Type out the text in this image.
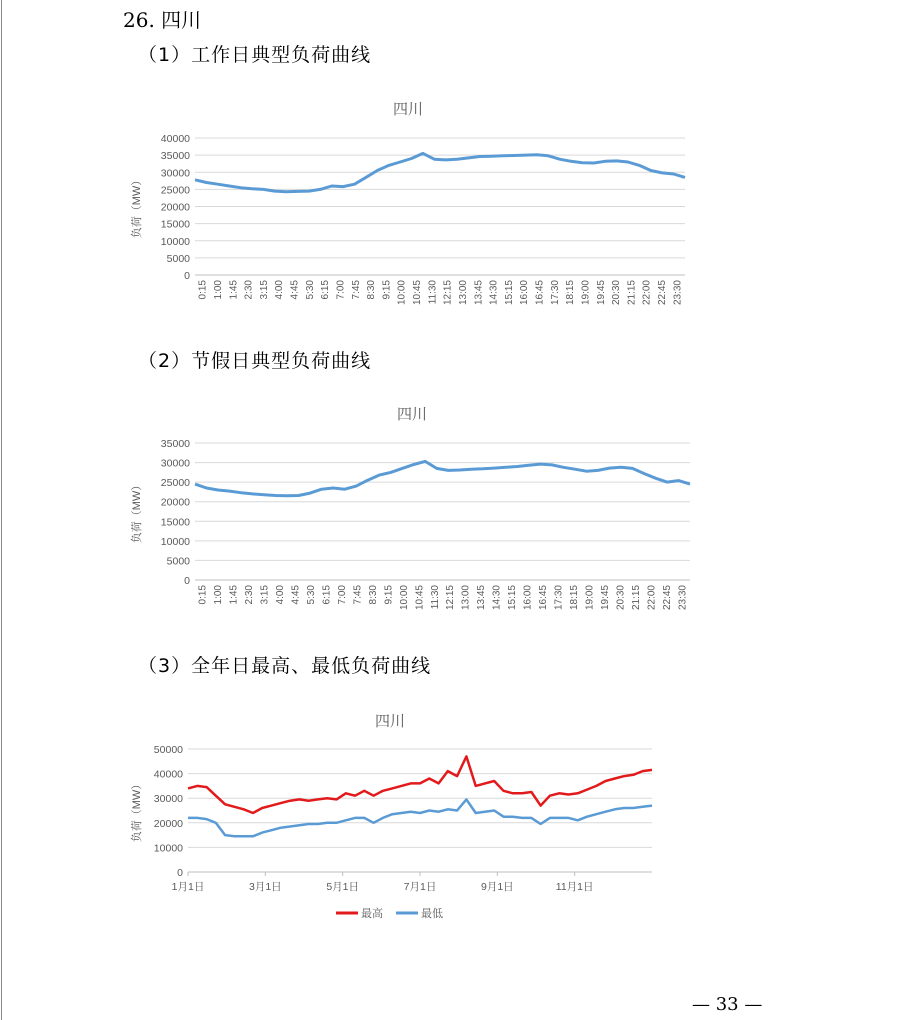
26. 四川
（1）工作日典型负荷曲线
四川
负荷（MW）
0
5000
10000
15000
20000
25000
30000
35000
40000
0:15 1:00 1:45 2:30 3:15 4:00 4:45 5:30 6:15 7:00 7:45 8:30 9:15 10:00 10:45 11:30 12:15 13:00 13:45 14:30 15:15 16:00 16:45 17:30 18:15 19:00 19:45 20:30 21:15 22:00 22:45 23:30
（2）节假日典型负荷曲线
四川
负荷（MW）
0
5000
10000
15000
20000
25000
30000
35000
0:15 1:00 1:45 2:30 3:15 4:00 4:45 5:30 6:15 7:00 7:45 8:30 9:15 10:00 10:45 11:30 12:15 13:00 13:45 14:30 15:15 16:00 16:45 17:30 18:15 19:00 19:45 20:30 21:15 22:00 22:45 23:30
（3）全年日最高、最低负荷曲线
四川
负荷（MW）
0
10000
20000
30000
40000
50000
1月1日	3月1日	5月1日	7月1日	9月1日	11月1日
最高	最低
— 33 —
